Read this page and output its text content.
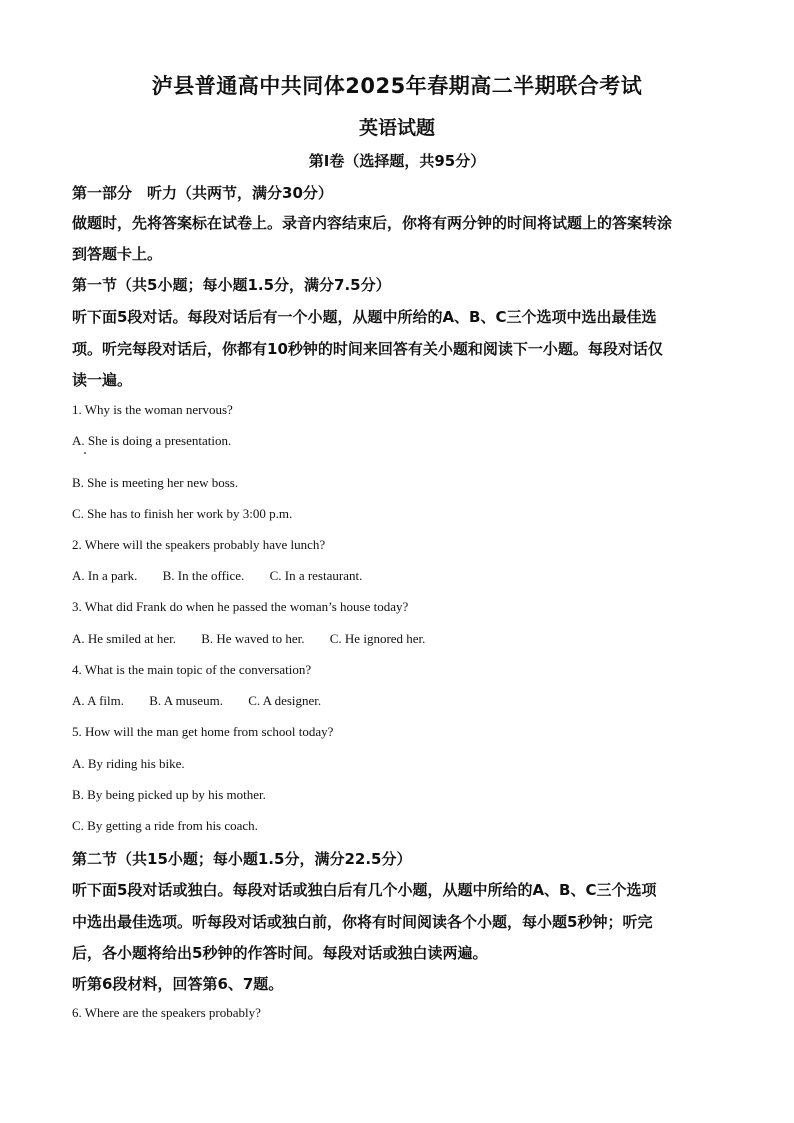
泸县普通高中共同体2025年春期高二半期联合考试
英语试题
第I卷（选择题，共95分）
第一部分　听力（共两节，满分30分）
做题时，先将答案标在试卷上。录音内容结束后，你将有两分钟的时间将试题上的答案转涂
到答题卡上。
第一节（共5小题；每小题1.5分，满分7.5分）
听下面5段对话。每段对话后有一个小题，从题中所给的A、B、C三个选项中选出最佳选
项。听完每段对话后，你都有10秒钟的时间来回答有关小题和阅读下一小题。每段对话仅
读一遍。
1. Why is the woman nervous?
A. She is doing a presentation.
B. She is meeting her new boss.
C. She has to finish her work by 3:00 p.m.
2. Where will the speakers probably have lunch?
A. In a park. B. In the office. C. In a restaurant.
3. What did Frank do when he passed the woman’s house today?
A. He smiled at her. B. He waved to her. C. He ignored her.
4. What is the main topic of the conversation?
A. A film. B. A museum. C. A designer.
5. How will the man get home from school today?
A. By riding his bike.
B. By being picked up by his mother.
C. By getting a ride from his coach.
第二节（共15小题；每小题1.5分，满分22.5分）
听下面5段对话或独白。每段对话或独白后有几个小题，从题中所给的A、B、C三个选项
中选出最佳选项。听每段对话或独白前，你将有时间阅读各个小题，每小题5秒钟；听完
后，各小题将给出5秒钟的作答时间。每段对话或独白读两遍。
听第6段材料，回答第6、7题。
6. Where are the speakers probably?
